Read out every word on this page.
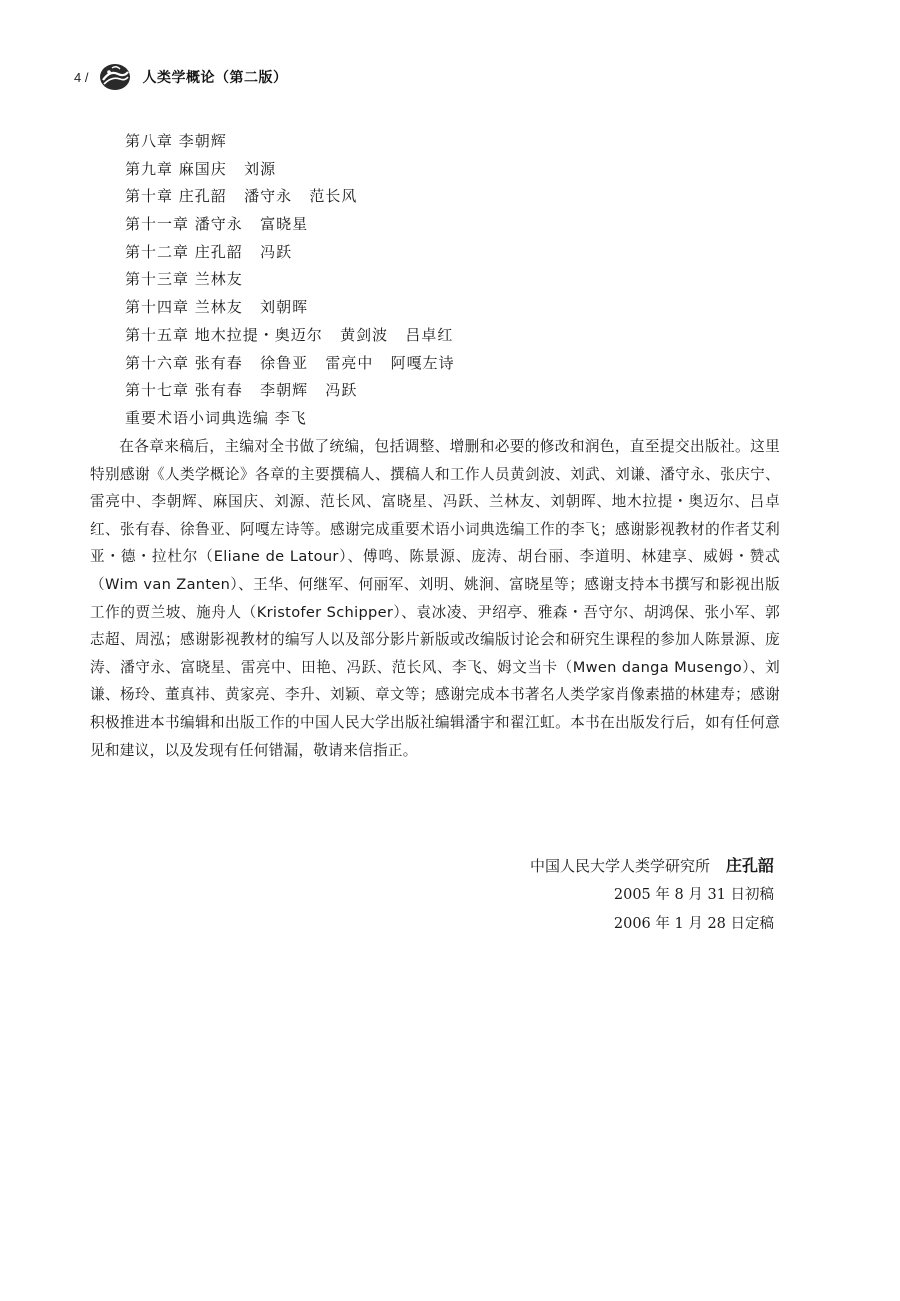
4 /	人类学概论（第二版）
第八章 李朝辉
第九章 麻国庆   刘源
第十章 庄孔韶   潘守永   范长风
第十一章 潘守永   富晓星
第十二章 庄孔韶   冯跃
第十三章 兰林友
第十四章 兰林友   刘朝晖
第十五章 地木拉提・奥迈尔   黄剑波   吕卓红
第十六章 张有春   徐鲁亚   雷亮中   阿嘎左诗
第十七章 张有春   李朝辉   冯跃
重要术语小词典选编 李飞

在各章来稿后，主编对全书做了统编，包括调整、增删和必要的修改和润色，直至提交出版社。这里特别感谢《人类学概论》各章的主要撰稿人、撰稿人和工作人员黄剑波、刘武、刘谦、潘守永、张庆宁、雷亮中、李朝辉、麻国庆、刘源、范长风、富晓星、冯跃、兰林友、刘朝晖、地木拉提・奥迈尔、吕卓红、张有春、徐鲁亚、阿嘎左诗等。感谢完成重要术语小词典选编工作的李飞；感谢影视教材的作者艾利亚・德・拉杜尔（Eliane de Latour）、傅鸣、陈景源、庞涛、胡台丽、李道明、林建享、威姆・赞忒（Wim van Zanten）、王华、何继军、何丽军、刘明、姚涧、富晓星等；感谢支持本书撰写和影视出版工作的贾兰坡、施舟人（Kristofer Schipper）、袁冰凌、尹绍亭、雅森・吾守尔、胡鸿保、张小军、郭志超、周泓；感谢影视教材的编写人以及部分影片新版或改编版讨论会和研究生课程的参加人陈景源、庞涛、潘守永、富晓星、雷亮中、田艳、冯跃、范长风、李飞、姆文当卡（Mwen danga Musengo）、刘谦、杨玲、董真祎、黄家亮、李升、刘颖、章文等；感谢完成本书著名人类学家肖像素描的林建寿；感谢积极推进本书编辑和出版工作的中国人民大学出版社编辑潘宇和翟江虹。本书在出版发行后，如有任何意见和建议，以及发现有任何错漏，敬请来信指正。

中国人民大学人类学研究所 庄孔韶
2005 年 8 月 31 日初稿
2006 年 1 月 28 日定稿
